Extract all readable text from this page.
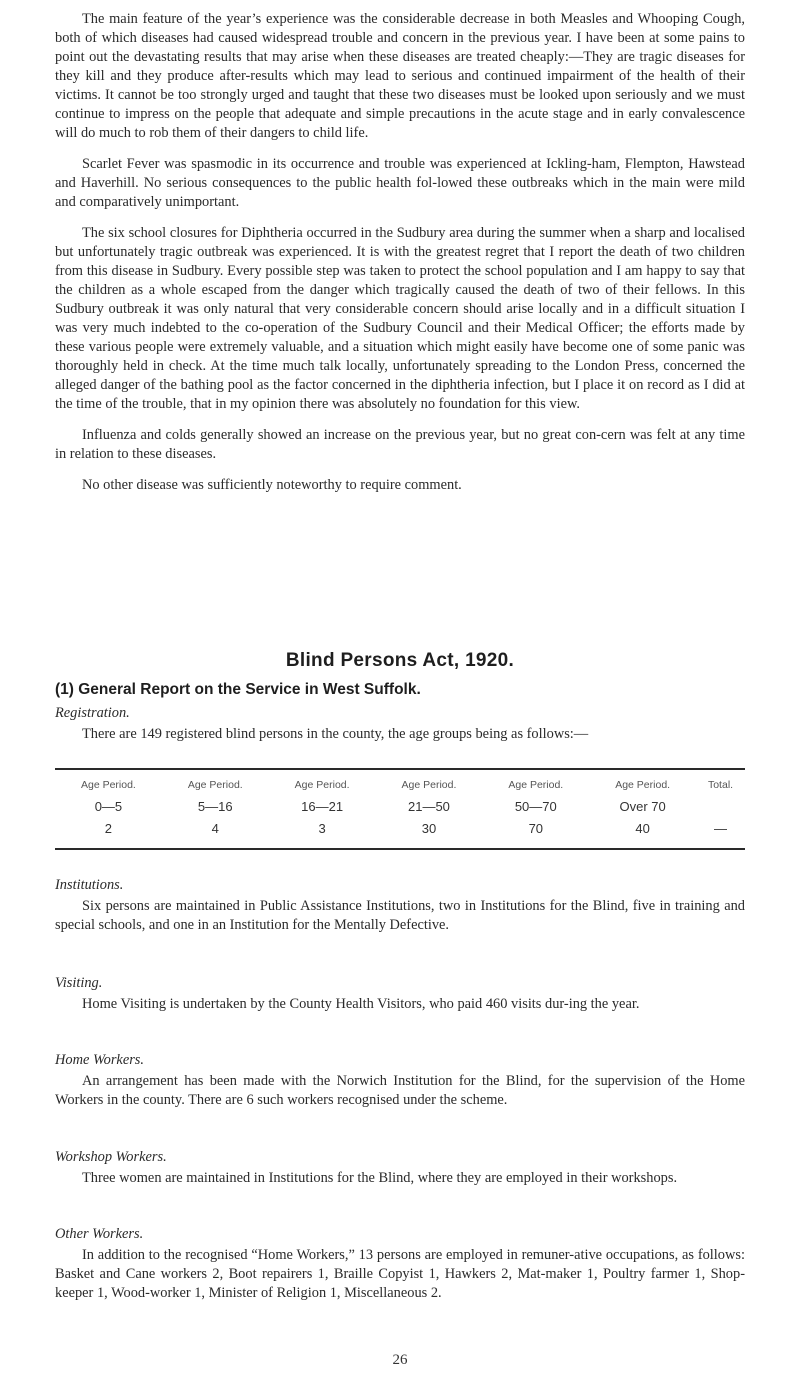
The main feature of the year’s experience was the considerable decrease in both Measles and Whooping Cough, both of which diseases had caused widespread trouble and concern in the previous year. I have been at some pains to point out the devastating results that may arise when these diseases are treated cheaply:—They are tragic diseases for they kill and they produce after-results which may lead to serious and continued impairment of the health of their victims. It cannot be too strongly urged and taught that these two diseases must be looked upon seriously and we must continue to impress on the people that adequate and simple precautions in the acute stage and in early convalescence will do much to rob them of their dangers to child life.

Scarlet Fever was spasmodic in its occurrence and trouble was experienced at Ickling-ham, Flempton, Hawstead and Haverhill. No serious consequences to the public health fol-lowed these outbreaks which in the main were mild and comparatively unimportant.

The six school closures for Diphtheria occurred in the Sudbury area during the summer when a sharp and localised but unfortunately tragic outbreak was experienced. It is with the greatest regret that I report the death of two children from this disease in Sudbury. Every possible step was taken to protect the school population and I am happy to say that the children as a whole escaped from the danger which tragically caused the death of two of their fellows. In this Sudbury outbreak it was only natural that very considerable concern should arise locally and in a difficult situation I was very much indebted to the co-operation of the Sudbury Council and their Medical Officer; the efforts made by these various people were extremely valuable, and a situation which might easily have become one of some panic was thoroughly held in check. At the time much talk locally, unfortunately spreading to the London Press, concerned the alleged danger of the bathing pool as the factor concerned in the diphtheria infection, but I place it on record as I did at the time of the trouble, that in my opinion there was absolutely no foundation for this view.

Influenza and colds generally showed an increase on the previous year, but no great con-cern was felt at any time in relation to these diseases.

No other disease was sufficiently noteworthy to require comment.

Blind Persons Act, 1920.
(1) General Report on the Service in West Suffolk.
Registration.

There are 149 registered blind persons in the county, the age groups being as follows:—

Age Period.	Age Period.	Age Period.	Age Period.	Age Period.	Age Period.	Total.
0—5	5—16	16—21	21—50	50—70	Over 70	
2	4	3	30	70	40	—
Institutions.

Six persons are maintained in Public Assistance Institutions, two in Institutions for the Blind, five in training and special schools, and one in an Institution for the Mentally Defective.

Visiting.

Home Visiting is undertaken by the County Health Visitors, who paid 460 visits dur-ing the year.

Home Workers.

An arrangement has been made with the Norwich Institution for the Blind, for the supervision of the Home Workers in the county. There are 6 such workers recognised under the scheme.

Workshop Workers.

Three women are maintained in Institutions for the Blind, where they are employed in their workshops.

Other Workers.

In addition to the recognised “Home Workers,” 13 persons are employed in remuner-ative occupations, as follows: Basket and Cane workers 2, Boot repairers 1, Braille Copyist 1, Hawkers 2, Mat-maker 1, Poultry farmer 1, Shop-keeper 1, Wood-worker 1, Minister of Religion 1, Miscellaneous 2.

26
